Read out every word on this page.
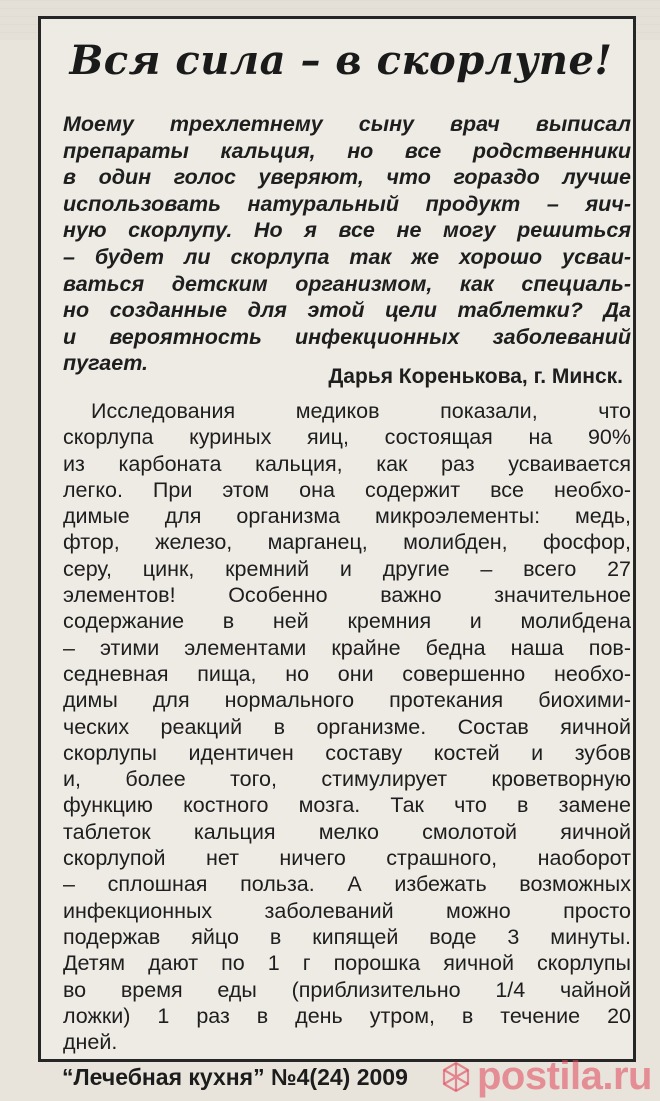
Вся сила – в скорлупе!
Моему трехлетнему сыну врач выписал
препараты кальция, но все родственники
в один голос уверяют, что гораздо лучше
использовать натуральный продукт – яич-
ную скорлупу. Но я все не могу решиться
– будет ли скорлупа так же хорошо усваи-
ваться детским организмом, как специаль-
но созданные для этой цели таблетки? Да
и вероятность инфекционных заболеваний
пугает.
Дарья Коренькова, г. Минск.
Исследования медиков показали, что
скорлупа куриных яиц, состоящая на 90%
из карбоната кальция, как раз усваивается
легко. При этом она содержит все необхо-
димые для организма микроэлементы: медь,
фтор, железо, марганец, молибден, фосфор,
серу, цинк, кремний и другие – всего 27
элементов! Особенно важно значительное
содержание в ней кремния и молибдена
– этими элементами крайне бедна наша пов-
седневная пища, но они совершенно необхо-
димы для нормального протекания биохими-
ческих реакций в организме. Состав яичной
скорлупы идентичен составу костей и зубов
и, более того, стимулирует кроветворную
функцию костного мозга. Так что в замене
таблеток кальция мелко смолотой яичной
скорлупой нет ничего страшного, наоборот
– сплошная польза. А избежать возможных
инфекционных заболеваний можно просто
подержав яйцо в кипящей воде 3 минуты.
Детям дают по 1 г порошка яичной скорлупы
во время еды (приблизительно 1/4 чайной
ложки) 1 раз в день утром, в течение 20
дней.
“Лечебная кухня” №4(24) 2009 postila.ru
